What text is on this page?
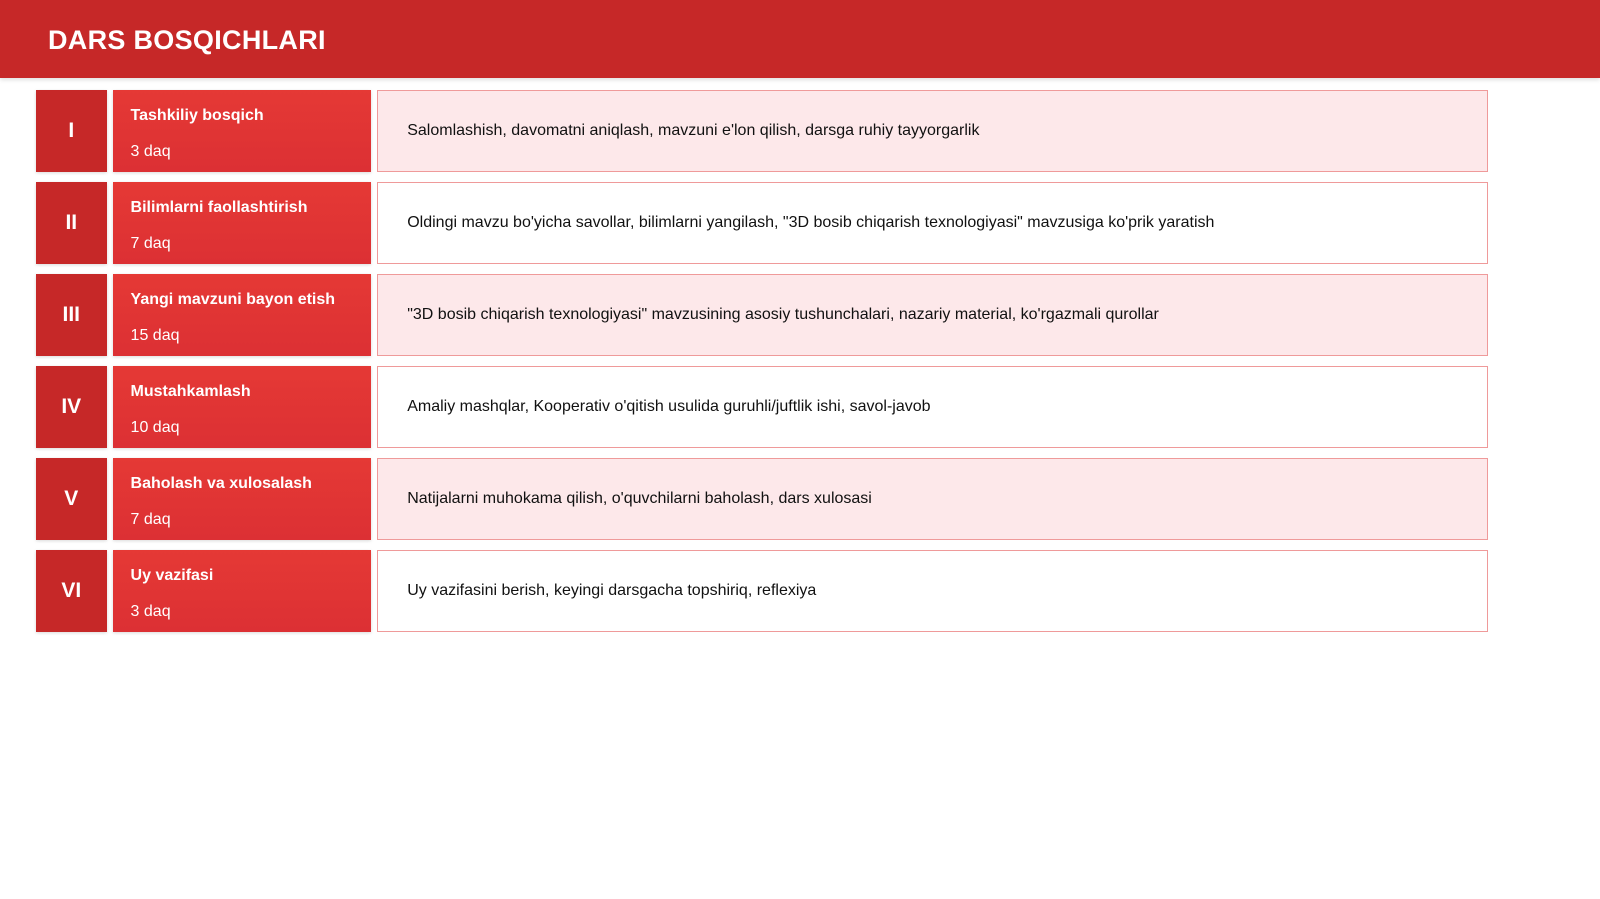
DARS BOSQICHLARI
I
Tashkiliy bosqich
3 daq
Salomlashish, davomatni aniqlash, mavzuni e'lon qilish, darsga ruhiy tayyorgarlik
II
Bilimlarni faollashtirish
7 daq
Oldingi mavzu bo'yicha savollar, bilimlarni yangilash, "3D bosib chiqarish texnologiyasi" mavzusiga ko'prik yaratish
III
Yangi mavzuni bayon etish
15 daq
"3D bosib chiqarish texnologiyasi" mavzusining asosiy tushunchalari, nazariy material, ko'rgazmali qurollar
IV
Mustahkamlash
10 daq
Amaliy mashqlar, Kooperativ o'qitish usulida guruhli/juftlik ishi, savol-javob
V
Baholash va xulosalash
7 daq
Natijalarni muhokama qilish, o'quvchilarni baholash, dars xulosasi
VI
Uy vazifasi
3 daq
Uy vazifasini berish, keyingi darsgacha topshiriq, reflexiya
